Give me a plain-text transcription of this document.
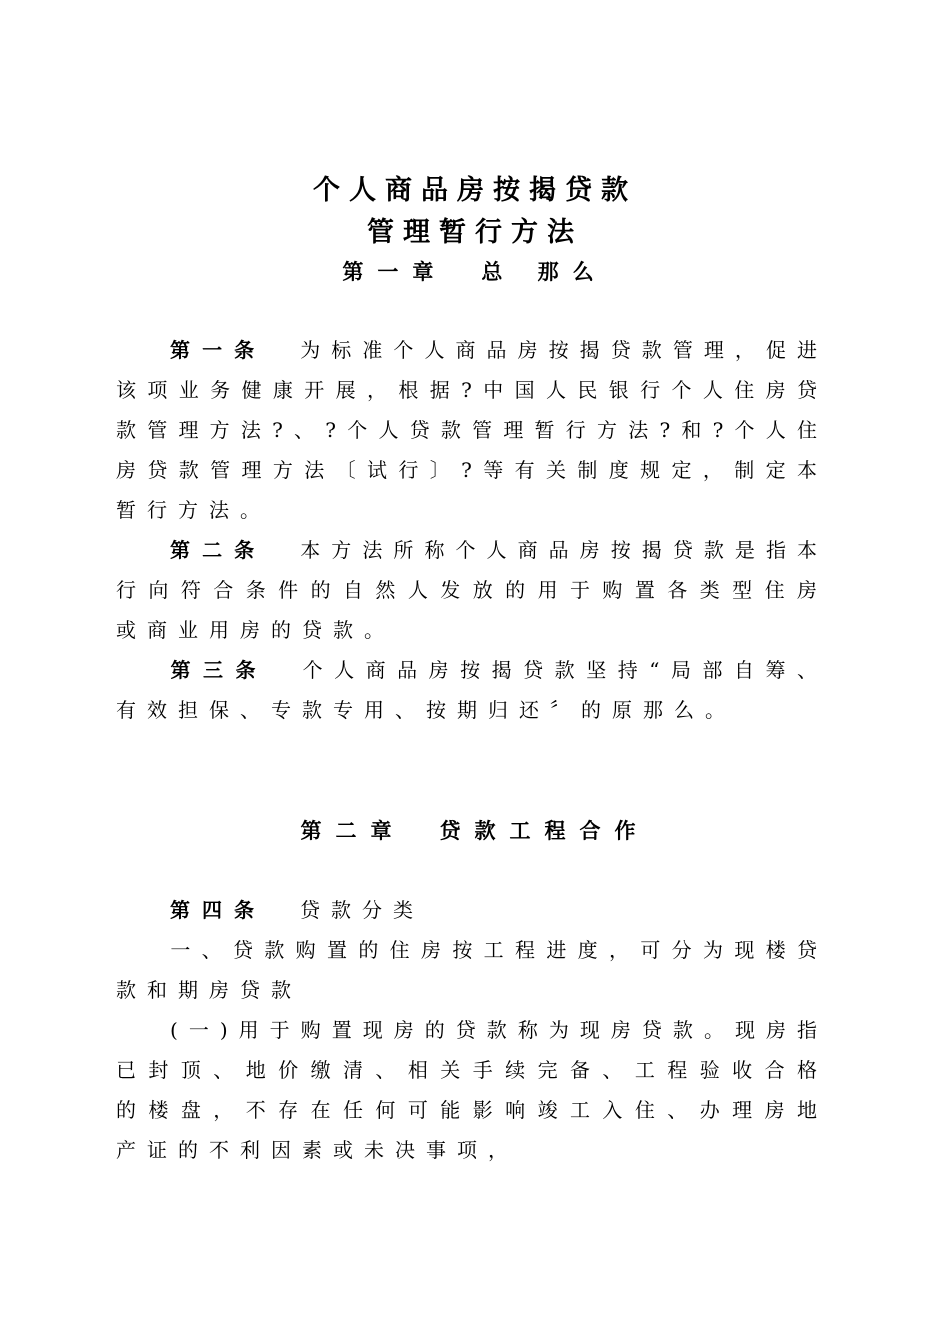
个人商品房按揭贷款
管理暂行方法
第一章 总 那么

第一条 为标准个人商品房按揭贷款管理，促进该项业务健康开展，根据?中国人民银行个人住房贷款管理方法?、?个人贷款管理暂行方法?和?个人住房贷款管理方法〔试行〕?等有关制度规定，制定本暂行方法。

第二条 本方法所称个人商品房按揭贷款是指本行向符合条件的自然人发放的用于购置各类型住房或商业用房的贷款。

第三条 个人商品房按揭贷款坚持“局部自筹、有效担保、专款专用、按期归还〞的原那么。

第二章 贷款工程合作

第四条 贷款分类

一、贷款购置的住房按工程进度，可分为现楼贷款和期房贷款

(一)用于购置现房的贷款称为现房贷款。现房指已封顶、地价缴清、相关手续完备、工程验收合格的楼盘，不存在任何可能影响竣工入住、办理房地产证的不利因素或未决事项，
